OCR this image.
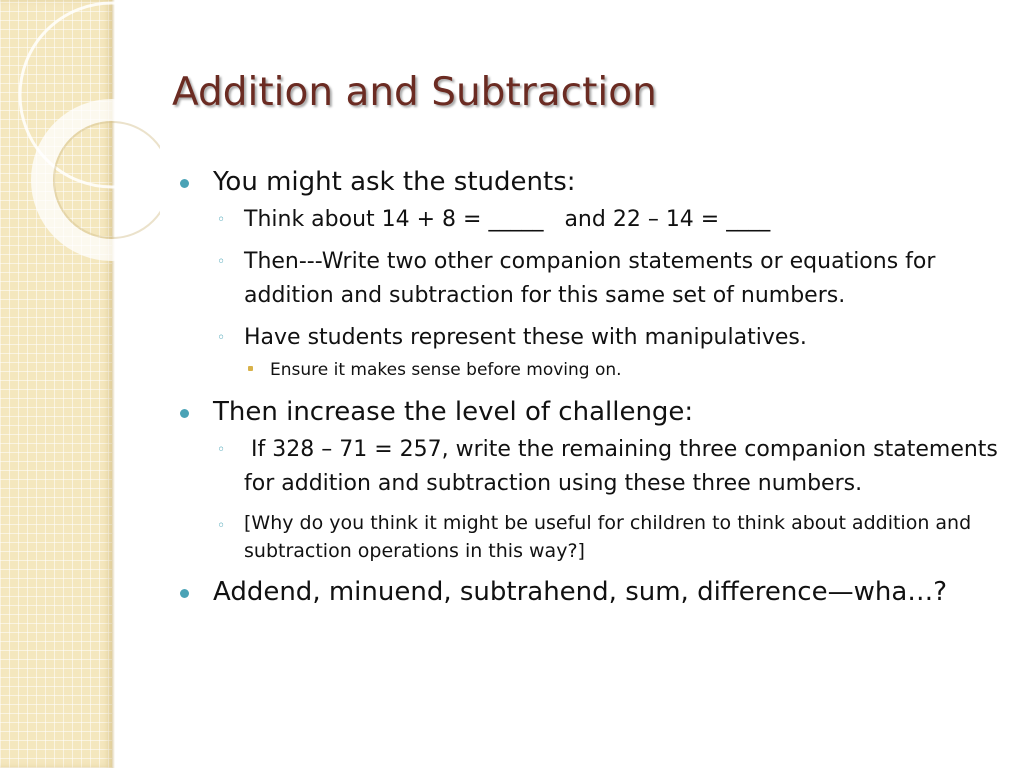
Addition and Subtraction
You might ask the students:
◦ Think about 14 + 8 = _____   and 22 – 14 = ____
◦ Then---Write two other companion statements or equations for addition and subtraction for this same set of numbers.
◦ Have students represent these with manipulatives.
Ensure it makes sense before moving on.
Then increase the level of challenge:
◦ If 328 – 71 = 257, write the remaining three companion statements for addition and subtraction using these three numbers.
◦ [Why do you think it might be useful for children to think about addition and subtraction operations in this way?]
Addend, minuend, subtrahend, sum, difference—wha…?
